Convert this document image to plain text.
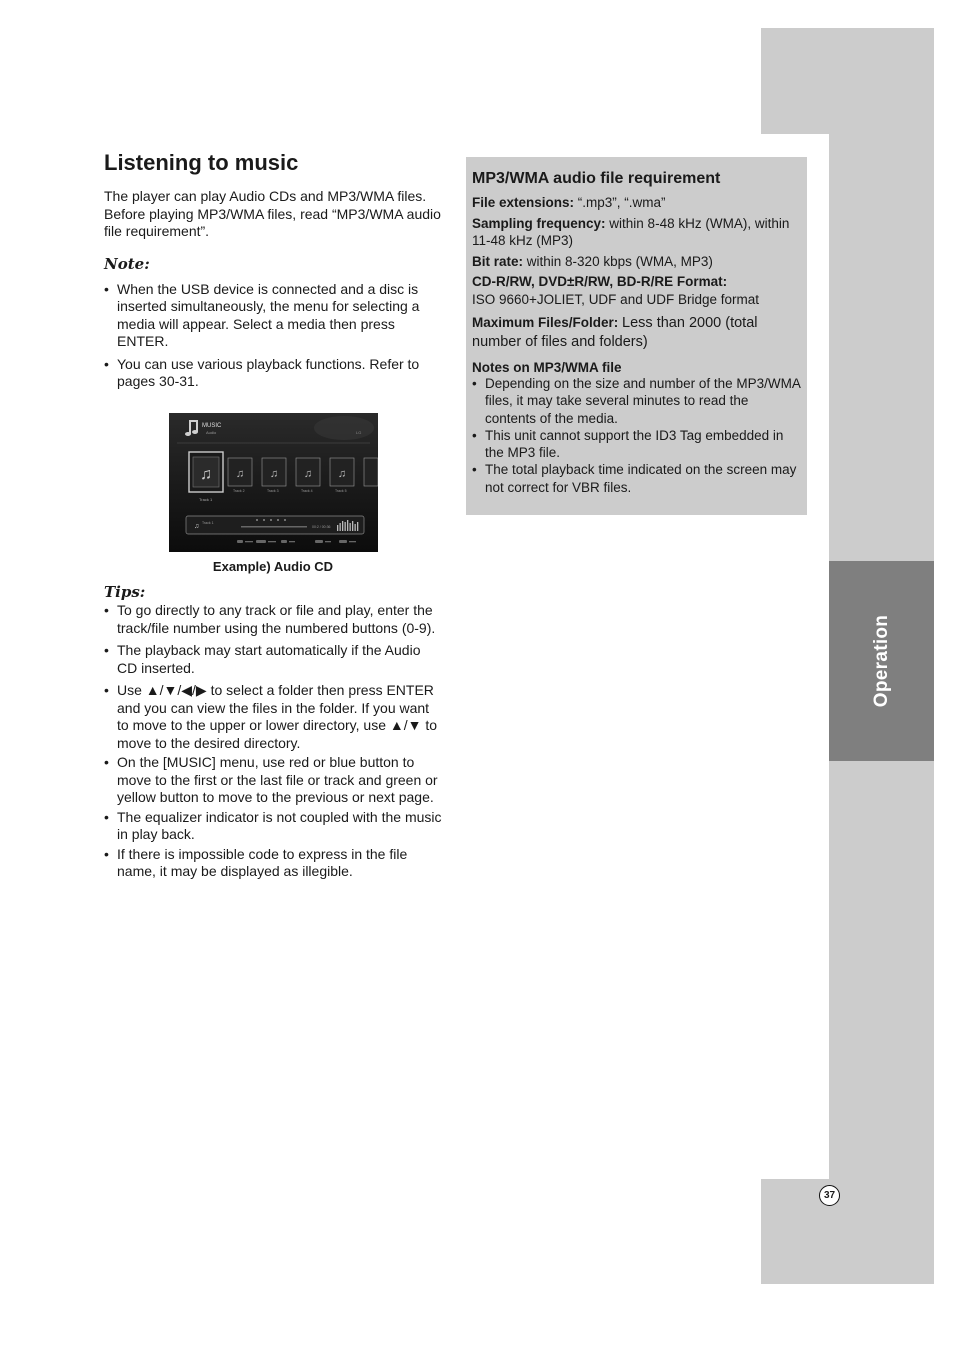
Operation
37
Listening to music

The player can play Audio CDs and MP3/WMA files. Before playing MP3/WMA files, read “MP3/WMA audio file requirement”.

Note:
• When the USB device is connected and a disc is inserted simultaneously, the menu for selecting a media will appear. Select a media then press ENTER.
• You can use various playback functions. Refer to pages 30-31.
MUSIC
Audio	LG
♫
Track 1
♫
Track 2
♫
Track 3
♫
Track 4
♫
Track 5
♫ Track 1
00:2 / 00:36
Example) Audio CD
Tips:
• To go directly to any track or file and play, enter the track/file number using the numbered buttons (0-9).
• The playback may start automatically if the Audio CD inserted.
• Use ▲/▼/◀/▶ to select a folder then press ENTER and you can view the files in the folder. If you want to move to the upper or lower directory, use ▲/▼ to move to the desired directory.
• On the [MUSIC] menu, use red or blue button to move to the first or the last file or track and green or yellow button to move to the previous or next page.
• The equalizer indicator is not coupled with the music in play back.
• If there is impossible code to express in the file name, it may be displayed as illegible.
MP3/WMA audio file requirement

File extensions: “.mp3”, “.wma”

Sampling frequency: within 8-48 kHz (WMA), within 11-48 kHz (MP3)

Bit rate: within 8-320 kbps (WMA, MP3)

CD-R/RW, DVD±R/RW, BD-R/RE Format:
ISO 9660+JOLIET, UDF and UDF Bridge format

Maximum Files/Folder: Less than 2000 (total number of files and folders)

Notes on MP3/WMA file
• Depending on the size and number of the MP3/WMA files, it may take several minutes to read the contents of the media.
• This unit cannot support the ID3 Tag embedded in the MP3 file.
• The total playback time indicated on the screen may not correct for VBR files.
